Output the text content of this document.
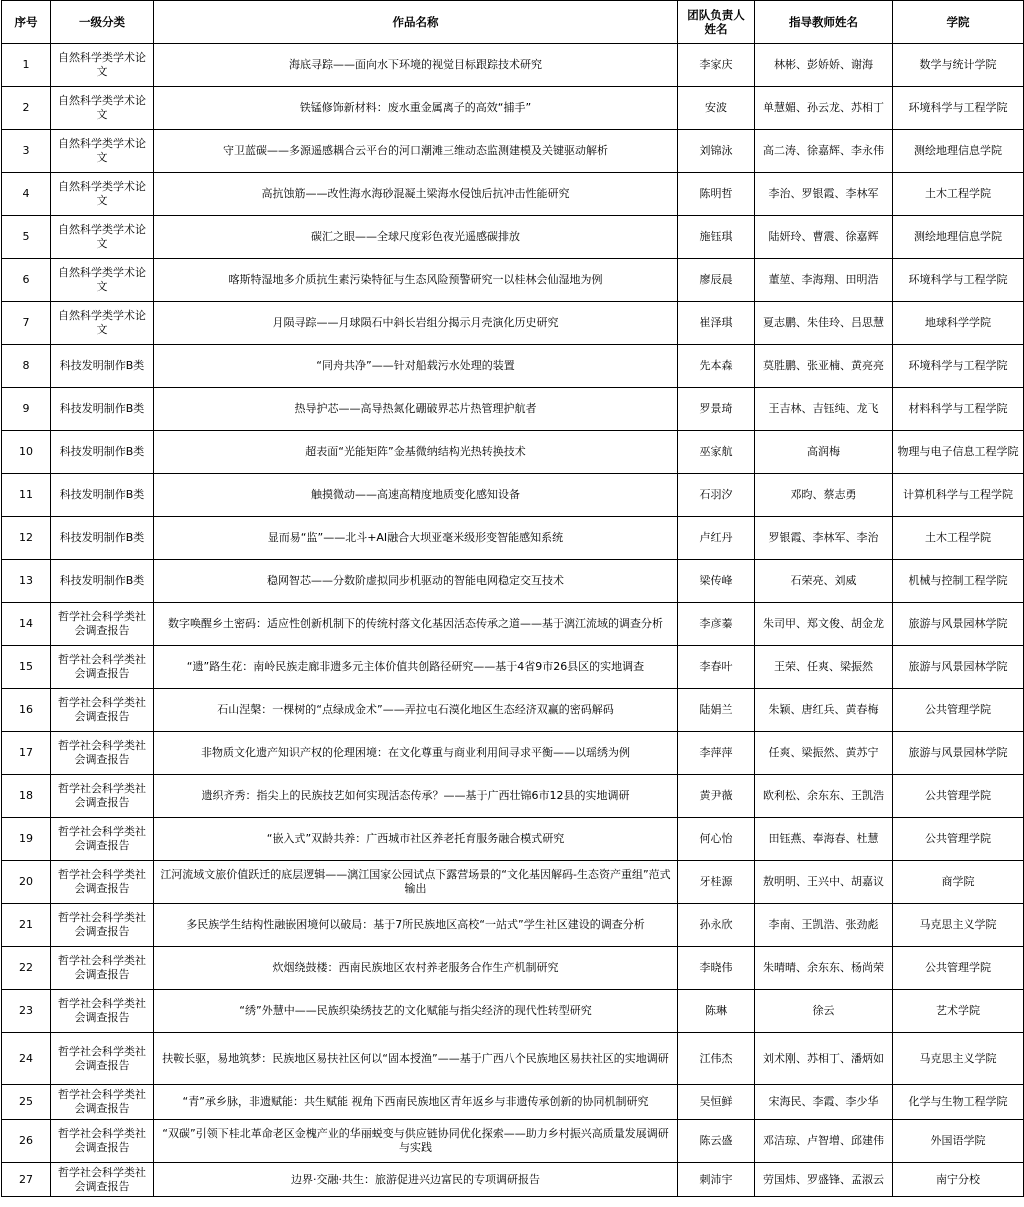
序号	一级分类	作品名称	团队负责人姓名	指导教师姓名	学院
1	自然科学类学术论文	海底寻踪——面向水下环境的视觉目标跟踪技术研究	李家庆	林彬、彭娇娇、谢海	数学与统计学院
2	自然科学类学术论文	铁锰修饰新材料：废水重金属离子的高效“捕手”	安波	单慧媚、孙云龙、苏相丁	环境科学与工程学院
3	自然科学类学术论文	守卫蓝碳——多源遥感耦合云平台的河口潮滩三维动态监测建模及关键驱动解析	刘锦泳	高二涛、徐嘉辉、李永伟	测绘地理信息学院
4	自然科学类学术论文	高抗蚀筋——改性海水海砂混凝土梁海水侵蚀后抗冲击性能研究	陈明哲	李治、罗银霞、李林军	土木工程学院
5	自然科学类学术论文	碳汇之眼——全球尺度彩色夜光遥感碳排放	施钰琪	陆妍玲、曹震、徐嘉辉	测绘地理信息学院
6	自然科学类学术论文	喀斯特湿地多介质抗生素污染特征与生态风险预警研究一以桂林会仙湿地为例	廖辰晨	董堃、李海翔、田明浩	环境科学与工程学院
7	自然科学类学术论文	月陨寻踪——月球陨石中斜长岩组分揭示月壳演化历史研究	崔泽琪	夏志鹏、朱佳玲、吕思慧	地球科学学院
8	科技发明制作B类	“同舟共净”——针对船载污水处理的装置	先本森	莫胜鹏、张亚楠、黄亮亮	环境科学与工程学院
9	科技发明制作B类	热导护芯——高导热氮化硼破界芯片热管理护航者	罗景琦	王吉林、吉钰纯、龙飞	材料科学与工程学院
10	科技发明制作B类	超表面“光能矩阵”金基微纳结构光热转换技术	巫家航	高润梅	物理与电子信息工程学院
11	科技发明制作B类	触摸微动——高速高精度地质变化感知设备	石羽汐	邓昀、蔡志勇	计算机科学与工程学院
12	科技发明制作B类	显而易“监”——北斗+AI融合大坝亚毫米级形变智能感知系统	卢红丹	罗银霞、李林军、李治	土木工程学院
13	科技发明制作B类	稳网智芯——分数阶虚拟同步机驱动的智能电网稳定交互技术	梁传峰	石荣亮、刘威	机械与控制工程学院
14	哲学社会科学类社会调查报告	数字唤醒乡土密码：适应性创新机制下的传统村落文化基因活态传承之道——基于漓江流域的调查分析	李彦蓁	朱司甲、郑文俊、胡金龙	旅游与风景园林学院
15	哲学社会科学类社会调查报告	“遗”路生花：南岭民族走廊非遗多元主体价值共创路径研究——基于4省9市26县区的实地调查	李春叶	王荣、任爽、梁振然	旅游与风景园林学院
16	哲学社会科学类社会调查报告	石山涅槃：一棵树的“点绿成金术”——弄拉屯石漠化地区生态经济双赢的密码解码	陆娟兰	朱颖、唐红兵、黄春梅	公共管理学院
17	哲学社会科学类社会调查报告	非物质文化遗产知识产权的伦理困境：在文化尊重与商业利用间寻求平衡——以瑶绣为例	李萍萍	任爽、梁振然、黄苏宁	旅游与风景园林学院
18	哲学社会科学类社会调查报告	遗织齐秀：指尖上的民族技艺如何实现活态传承？——基于广西壮锦6市12县的实地调研	黄尹薇	欧利松、余东东、王凯浩	公共管理学院
19	哲学社会科学类社会调查报告	“嵌入式”双龄共养：广西城市社区养老托育服务融合模式研究	何心怡	田钰燕、奉海春、杜慧	公共管理学院
20	哲学社会科学类社会调查报告	江河流域文旅价值跃迁的底层逻辑——漓江国家公园试点下露营场景的“文化基因解码-生态资产重组”范式输出	牙桂源	敖明明、王兴中、胡嘉议	商学院
21	哲学社会科学类社会调查报告	多民族学生结构性融嵌困境何以破局：基于7所民族地区高校“一站式”学生社区建设的调查分析	孙永欣	李南、王凯浩、张劲彪	马克思主义学院
22	哲学社会科学类社会调查报告	炊烟绕鼓楼：西南民族地区农村养老服务合作生产机制研究	李晓伟	朱晴晴、余东东、杨尚荣	公共管理学院
23	哲学社会科学类社会调查报告	“绣”外慧中——民族织染绣技艺的文化赋能与指尖经济的现代性转型研究	陈琳	徐云	艺术学院
24	哲学社会科学类社会调查报告	扶鞍长驱，易地筑梦：民族地区易扶社区何以“固本授渔”——基于广西八个民族地区易扶社区的实地调研	江伟杰	刘术刚、苏相丁、潘炳如	马克思主义学院
25	哲学社会科学类社会调查报告	“青”承乡脉，非遗赋能：共生赋能 视角下西南民族地区青年返乡与非遗传承创新的协同机制研究	吴恒鲜	宋海民、李霞、李少华	化学与生物工程学院
26	哲学社会科学类社会调查报告	“双碳”引领下桂北革命老区金槐产业的华丽蜕变与供应链协同优化探索——助力乡村振兴高质量发展调研与实践	陈云盛	邓洁琼、卢智增、邱建伟	外国语学院
27	哲学社会科学类社会调查报告	边界·交融·共生：旅游促进兴边富民的专项调研报告	刺沛宇	劳国炜、罗盛锋、孟淑云	南宁分校
